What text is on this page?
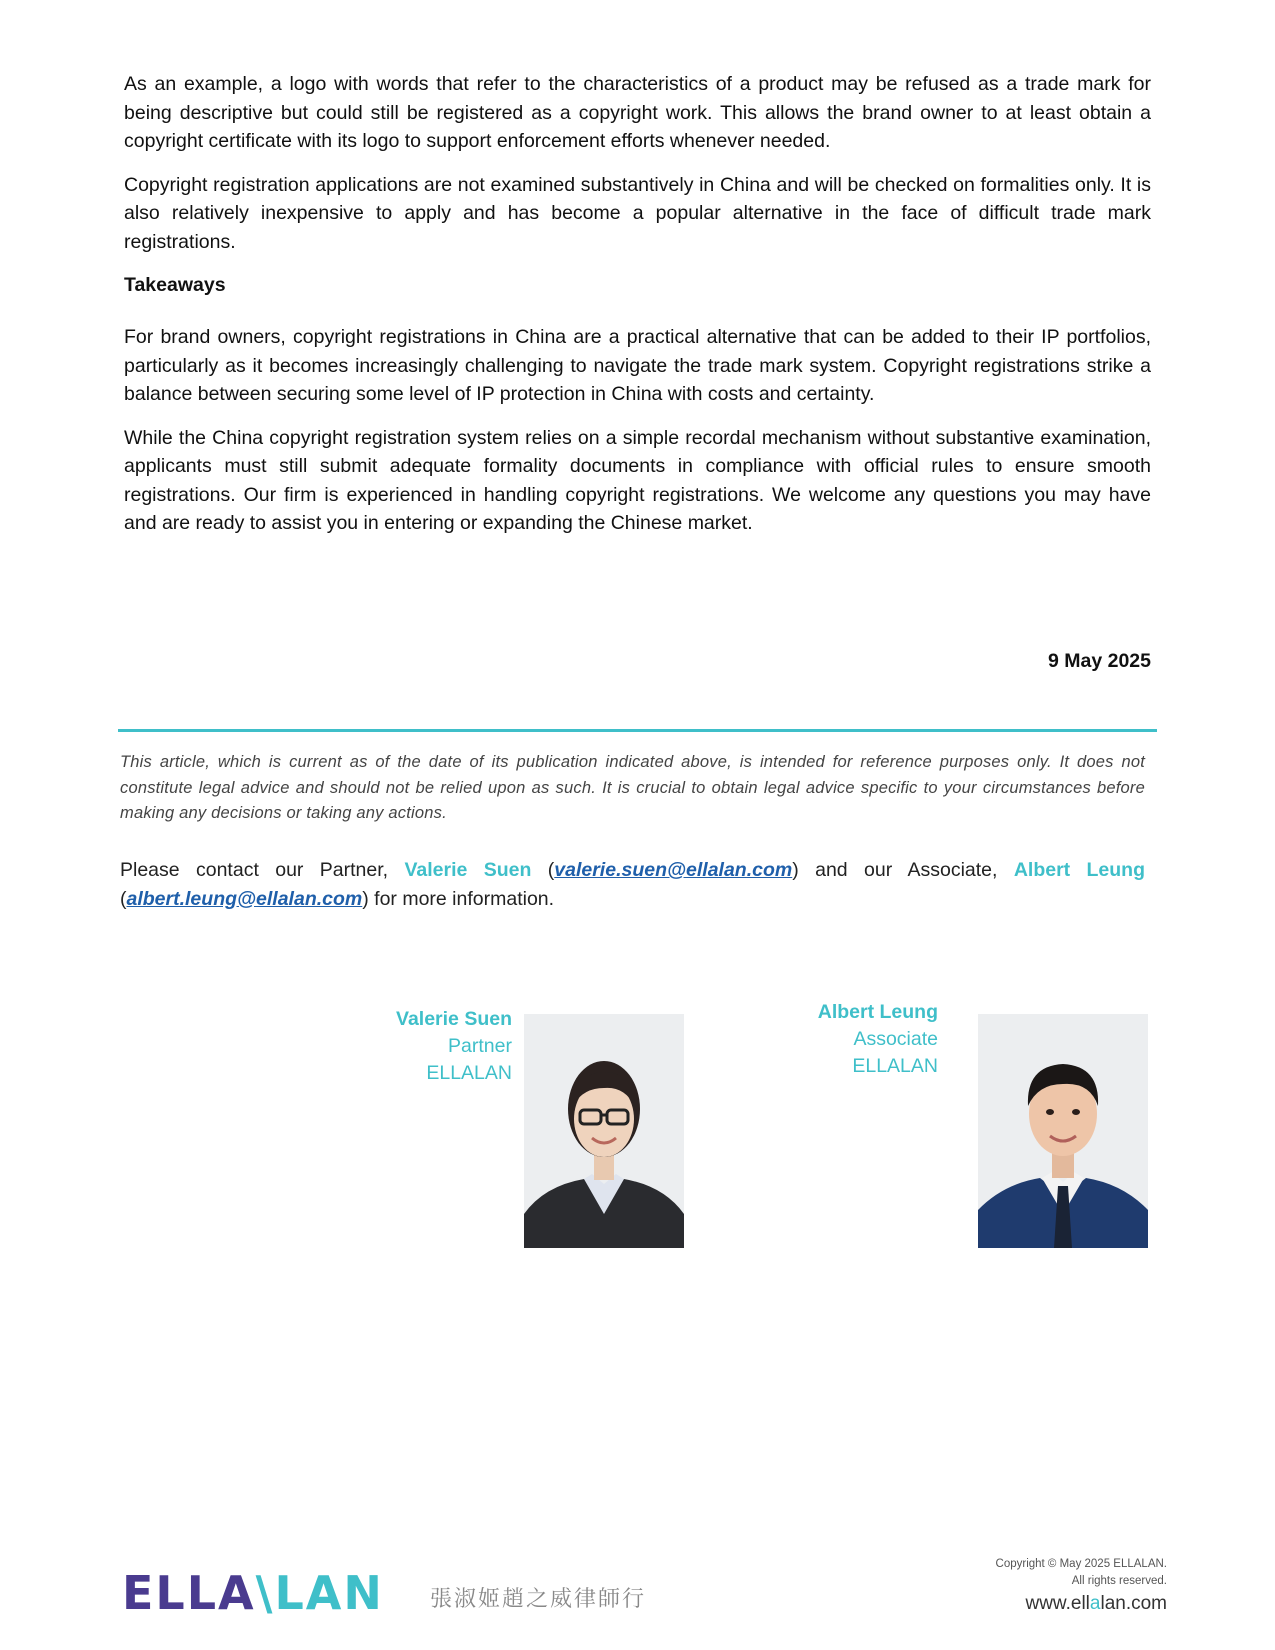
As an example, a logo with words that refer to the characteristics of a product may be refused as a trade mark for being descriptive but could still be registered as a copyright work. This allows the brand owner to at least obtain a copyright certificate with its logo to support enforcement efforts whenever needed.

Copyright registration applications are not examined substantively in China and will be checked on formalities only. It is also relatively inexpensive to apply and has become a popular alternative in the face of difficult trade mark registrations.

Takeaways

For brand owners, copyright registrations in China are a practical alternative that can be added to their IP portfolios, particularly as it becomes increasingly challenging to navigate the trade mark system. Copyright registrations strike a balance between securing some level of IP protection in China with costs and certainty.

While the China copyright registration system relies on a simple recordal mechanism without substantive examination, applicants must still submit adequate formality documents in compliance with official rules to ensure smooth registrations. Our firm is experienced in handling copyright registrations. We welcome any questions you may have and are ready to assist you in entering or expanding the Chinese market.

9 May 2025
This article, which is current as of the date of its publication indicated above, is intended for reference purposes only. It does not constitute legal advice and should not be relied upon as such. It is crucial to obtain legal advice specific to your circumstances before making any decisions or taking any actions.
Please contact our Partner, Valerie Suen (valerie.suen@ellalan.com) and our Associate, Albert Leung (albert.leung@ellalan.com) for more information.
Valerie Suen
Partner
ELLALAN
Albert Leung
Associate
ELLALAN
ELLA\LAN 張淑姬趙之威律師行
Copyright © May 2025 ELLALAN.
All rights reserved.
www.ellalan.com
